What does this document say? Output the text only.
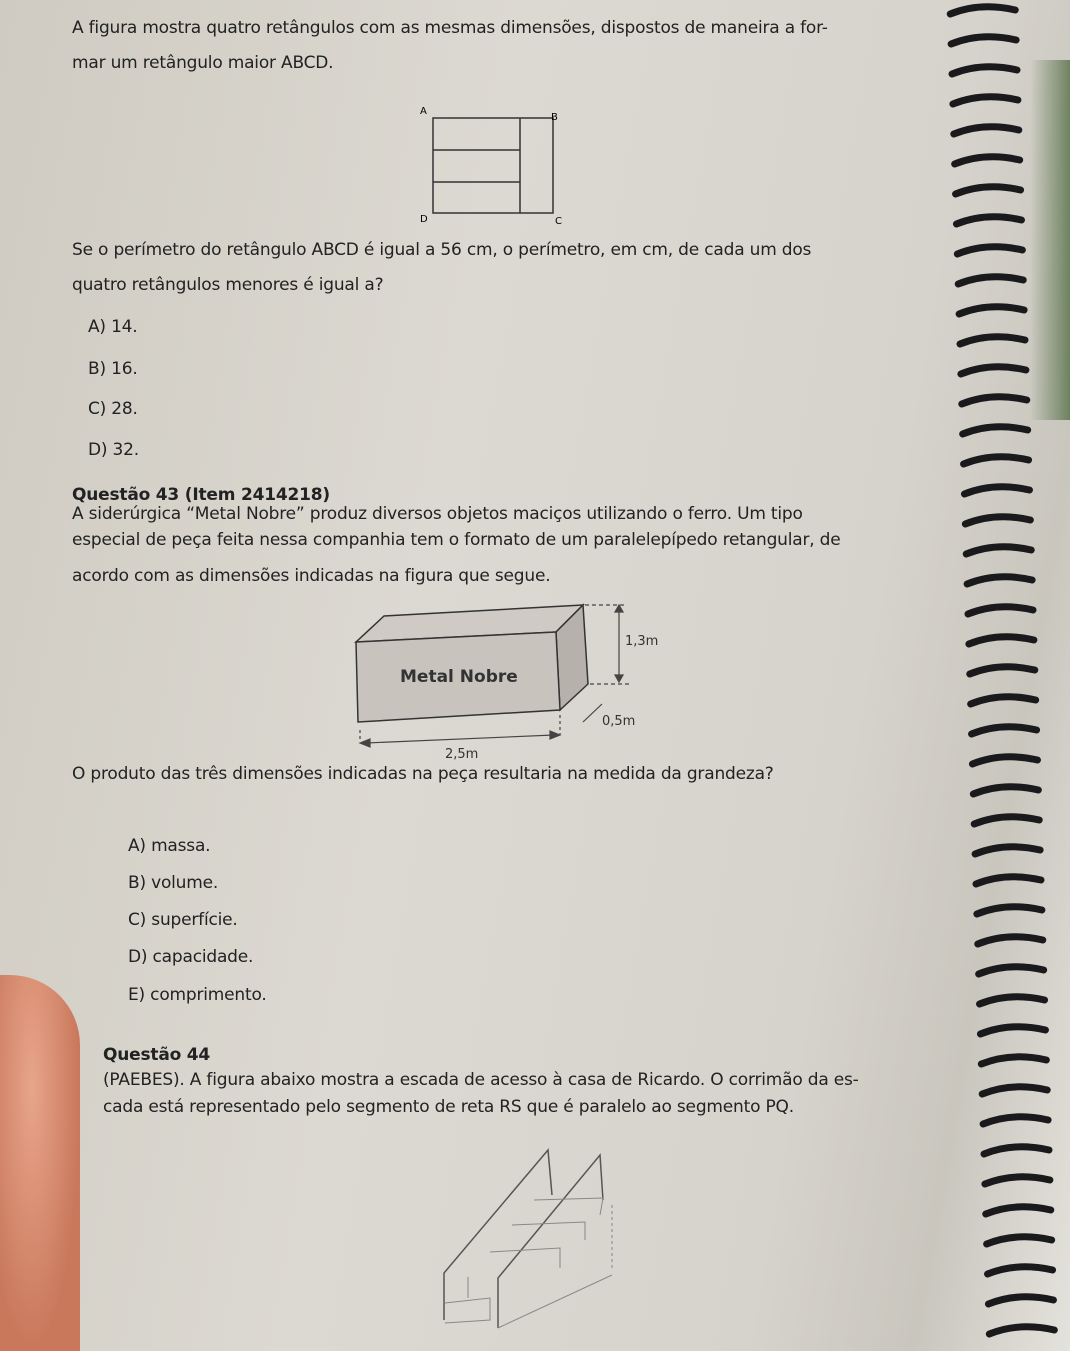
A figura mostra quatro retângulos com as mesmas dimensões, dispostos de maneira a for-
mar um retângulo maior ABCD.
A
B
C
D
Se o perímetro do retângulo ABCD é igual a 56 cm, o perímetro, em cm, de cada um dos
quatro retângulos menores é igual a?
A) 14.
B) 16.
C) 28.
D) 32.
Questão 43 (Item 2414218)
A siderúrgica “Metal Nobre” produz diversos objetos maciços utilizando o ferro. Um tipo
especial de peça feita nessa companhia tem o formato de um paralelepípedo retangular, de
acordo com as dimensões indicadas na figura que segue.
Metal Nobre
1,3m
0,5m
2,5m
O produto das três dimensões indicadas na peça resultaria na medida da grandeza?
A) massa.
B) volume.
C) superfície.
D) capacidade.
E) comprimento.
Questão 44
(PAEBES). A figura abaixo mostra a escada de acesso à casa de Ricardo. O corrimão da es-
cada está representado pelo segmento de reta RS que é paralelo ao segmento PQ.
